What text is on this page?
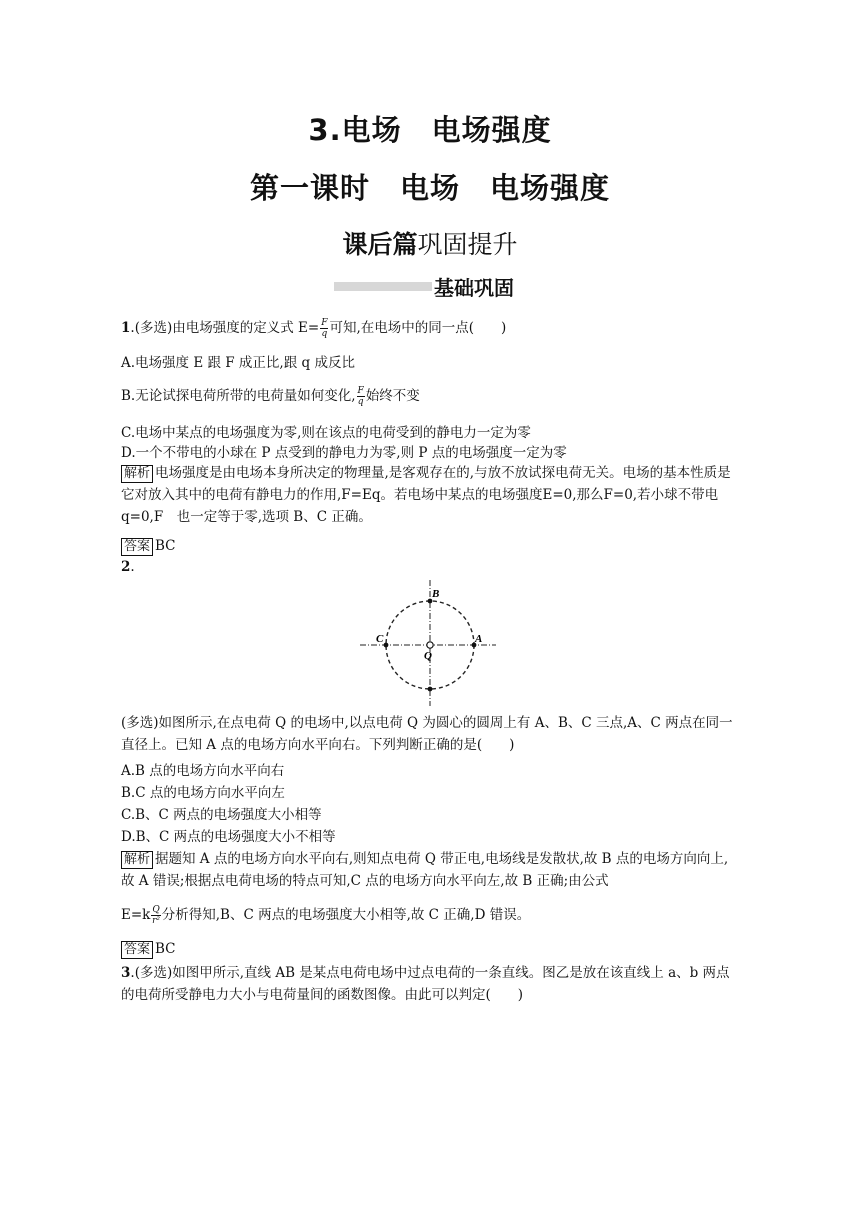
3.电场　电场强度
第一课时　电场　电场强度
课后篇巩固提升
基础巩固
1.(多选)由电场强度的定义式 $E= \frac{F}{q}$ 可知,在电场中的同一点(　　)
A.电场强度 E 跟 F 成正比,跟 q 成反比
B.无论试探电荷所带的电荷量如何变化, $\frac{F}{q}$ 始终不变
C.电场中某点的电场强度为零,则在该点的电荷受到的静电力一定为零
D.一个不带电的小球在 P 点受到的静电力为零,则 P 点的电场强度一定为零
解析 电场强度是由电场本身所决定的物理量,是客观存在的,与放不放试探电荷无关。电场的基本性质是它对放入其中的电荷有静电力的作用,F=Eq。若电场中某点的电场强度E=0,那么F=0,若小球不带电 q=0,F　也一定等于零,选项 B、C 正确。
答案 BC
2.
B
C	A
Q
(多选)如图所示,在点电荷 Q 的电场中,以点电荷 Q 为圆心的圆周上有 A、B、C 三点,A、C 两点在同一直径上。已知 A 点的电场方向水平向右。下列判断正确的是(　　)
A.B 点的电场方向水平向右
B.C 点的电场方向水平向左
C.B、C 两点的电场强度大小相等
D.B、C 两点的电场强度大小不相等
解析 据题知 A 点的电场方向水平向右,则知点电荷 Q 带正电,电场线是发散状,故 B 点的电场方向向上,故 A 错误;根据点电荷电场的特点可知,C 点的电场方向水平向左,故 B 正确;由公式
$E=k \frac{Q}{\text{r²}}$ 分析得知,B、C 两点的电场强度大小相等,故 C 正确,D 错误。
答案 BC
3.(多选)如图甲所示,直线 AB 是某点电荷电场中过点电荷的一条直线。图乙是放在该直线上 a、b 两点的电荷所受静电力大小与电荷量间的函数图像。由此可以判定(　　)
